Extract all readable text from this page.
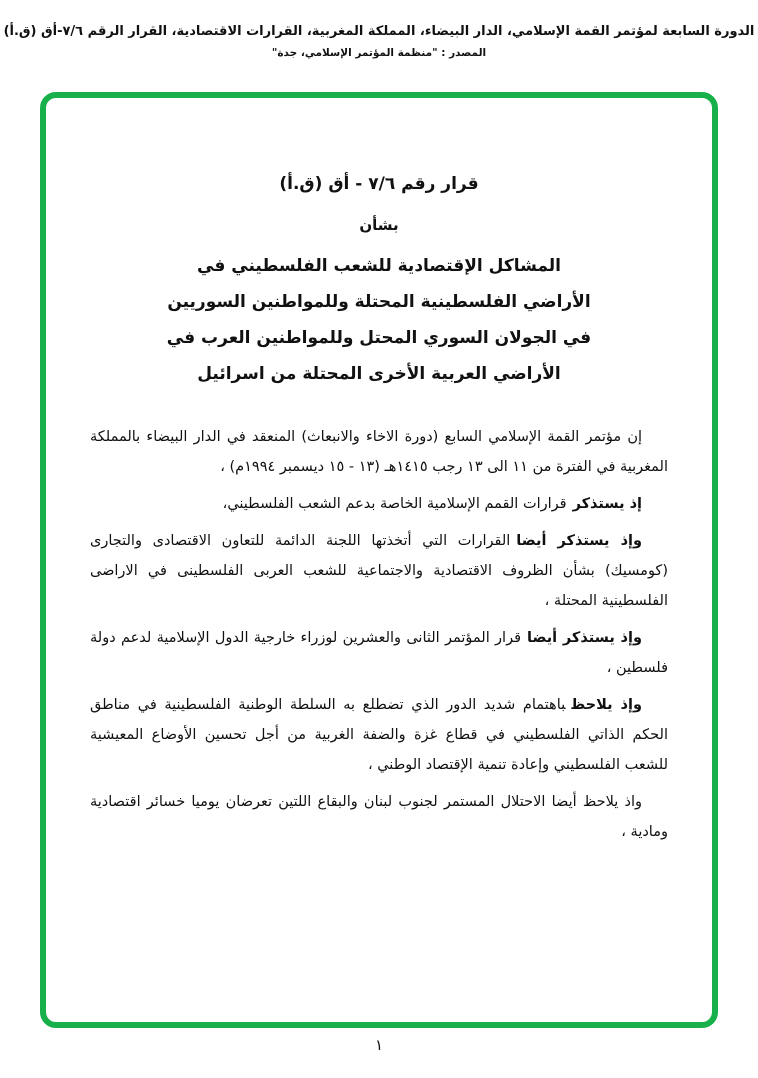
الدورة السابعة لمؤتمر القمة الإسلامي، الدار البيضاء، المملكة المغربية، القرارات الاقتصادية، القرار الرقم ٧/٦-أق (ق.أ)
المصدر : "منظمة المؤتمر الإسلامي، جدة"
قرار رقم ٧/٦ - أق (ق.أ)
بشأن
المشاكل الإقتصادية للشعب الفلسطيني في
الأراضي الفلسطينية المحتلة وللمواطنين السوريين
في الجولان السوري المحتل وللمواطنين العرب في
الأراضي العربية الأخرى المحتلة من اسرائيل

إن مؤتمر القمة الإسلامي السابع (دورة الاخاء والانبعاث) المنعقد في الدار البيضاء بالمملكة المغربية في الفترة من ١١ الى ١٣ رجب ١٤١٥هـ (١٣ - ١٥ ديسمبر ١٩٩٤م) ،

إذ يستذكرقرارات القمم الإسلامية الخاصة بدعم الشعب الفلسطيني،

وإذ يستذكر أيضاالقرارات التي أتخذتها اللجنة الدائمة للتعاون الاقتصادى والتجارى (كومسيك) بشأن الظروف الاقتصادية والاجتماعية للشعب العربى الفلسطينى في الاراضى الفلسطينية المحتلة ،

وإذ يستذكر أيضاقرار المؤتمر الثانى والعشرين لوزراء خارجية الدول الإسلامية لدعم دولة فلسطين ،

وإذ يلاحظباهتمام شديد الدور الذي تضطلع به السلطة الوطنية الفلسطينية في مناطق الحكم الذاتي الفلسطيني في قطاع غزة والضفة الغربية من أجل تحسين الأوضاع المعيشية للشعب الفلسطيني وإعادة تنمية الإقتصاد الوطني ،

واذ يلاحظ أيضا الاحتلال المستمر لجنوب لبنان والبقاع اللتين تعرضان يوميا خسائر اقتصادية ومادية ،

١
